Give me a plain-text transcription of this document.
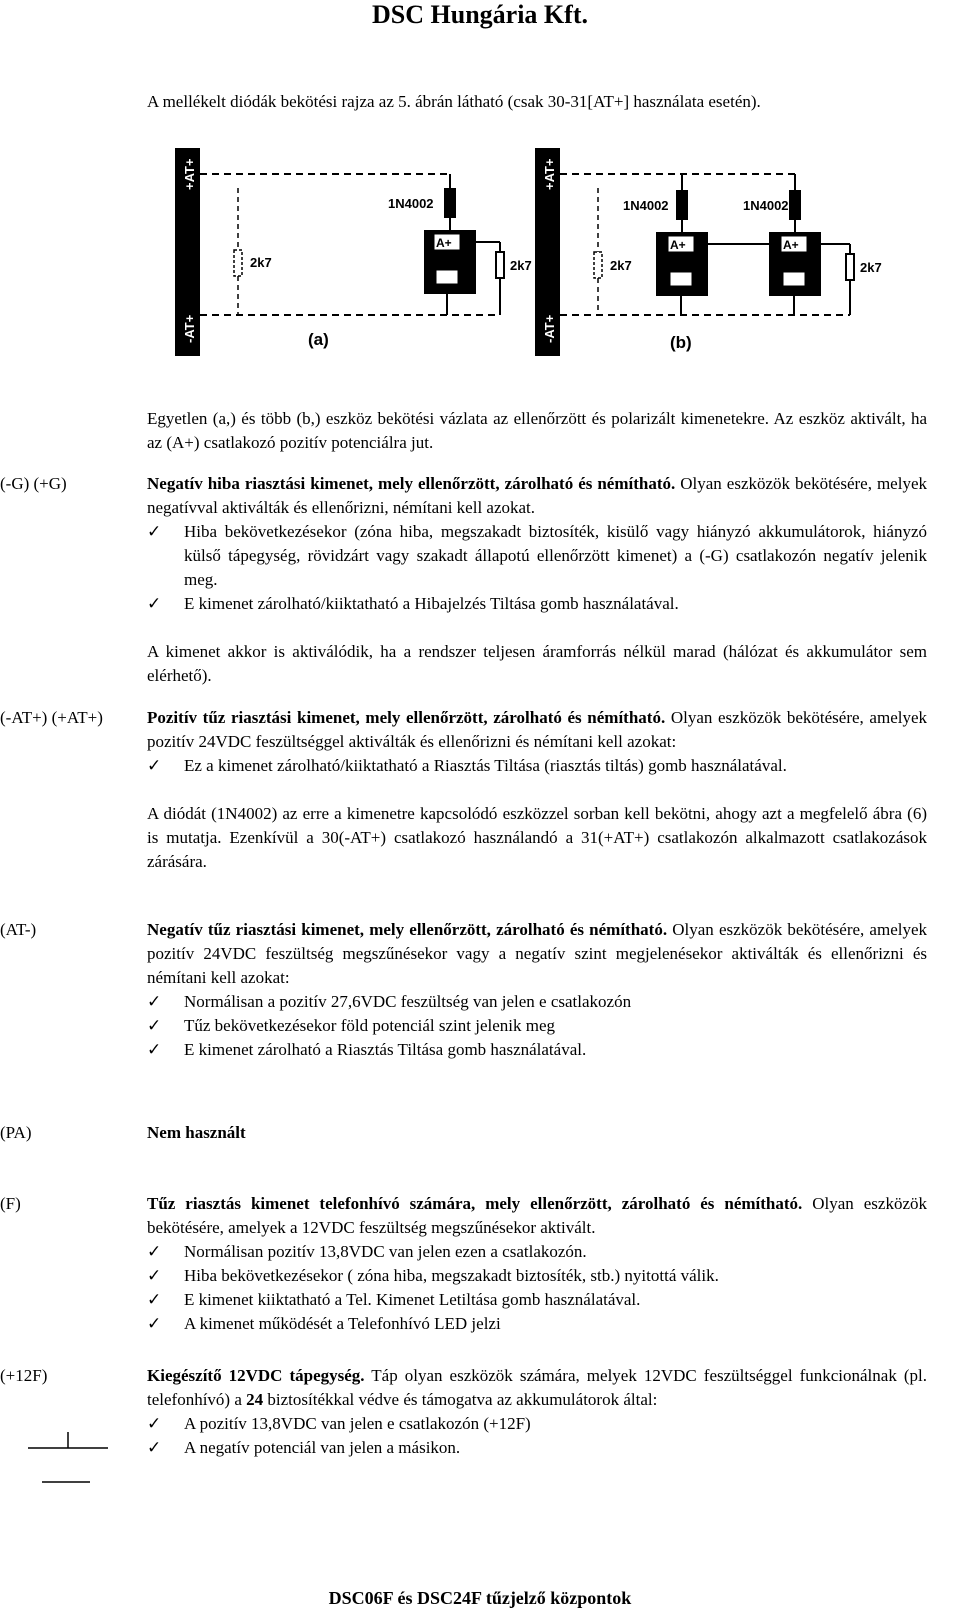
DSC Hungária Kft.
A mellékelt diódák bekötési rajza az 5. ábrán látható (csak 30-31[AT+] használata esetén).
+AT+
-AT+
2k7
1N4002
A+
2k7
(a)
+AT+
-AT+
2k7
1N4002
A+
1N4002
A+
2k7
(b)
Egyetlen (a,) és több (b,) eszköz bekötési vázlata az ellenőrzött és polarizált kimenetekre. Az eszköz aktivált, ha az (A+) csatlakozó pozitív potenciálra jut.
(-G) (+G)	Negatív hiba riasztási kimenet, mely ellenőrzött, zárolható és némítható. Olyan eszközök bekötésére, melyek negatívval aktiválták és ellenőrizni, némítani kell azokat.
✓ Hiba bekövetkezésekor (zóna hiba, megszakadt biztosíték, kisülő vagy hiányzó akkumulátorok, hiányzó külső tápegység, rövidzárt vagy szakadt állapotú ellenőrzött kimenet) a (-G) csatlakozón negatív jelenik meg.
✓ E kimenet zárolható/kiiktatható a Hibajelzés Tiltása gomb használatával.
A kimenet akkor is aktiválódik, ha a rendszer teljesen áramforrás nélkül marad (hálózat és akkumulátor sem elérhető).
(-AT+) (+AT+)	Pozitív tűz riasztási kimenet, mely ellenőrzött, zárolható és némítható. Olyan eszközök bekötésére, amelyek pozitív 24VDC feszültséggel aktiválták és ellenőrizni és némítani kell azokat:
✓ Ez a kimenet zárolható/kiiktatható a Riasztás Tiltása (riasztás tiltás) gomb használatával.
A diódát (1N4002) az erre a kimenetre kapcsolódó eszközzel sorban kell bekötni, ahogy azt a megfelelő ábra (6) is mutatja. Ezenkívül a 30(-AT+) csatlakozó használandó a 31(+AT+) csatlakozón alkalmazott csatlakozások zárására.
(AT-)	Negatív tűz riasztási kimenet, mely ellenőrzött, zárolható és némítható. Olyan eszközök bekötésére, amelyek pozitív 24VDC feszültség megszűnésekor vagy a negatív szint megjelenésekor aktiválták és ellenőrizni és némítani kell azokat:
✓ Normálisan a pozitív 27,6VDC feszültség van jelen e csatlakozón
✓ Tűz bekövetkezésekor föld potenciál szint jelenik meg
✓ E kimenet zárolható a Riasztás Tiltása gomb használatával.
(PA)	Nem használt
(F)	Tűz riasztás kimenet telefonhívó számára, mely ellenőrzött, zárolható és némítható. Olyan eszközök bekötésére, amelyek a 12VDC feszültség megszűnésekor aktivált.
✓ Normálisan pozitív 13,8VDC van jelen ezen a csatlakozón.
✓ Hiba bekövetkezésekor ( zóna hiba, megszakadt biztosíték, stb.) nyitottá válik.
✓ E kimenet kiiktatható a Tel. Kimenet Letiltása gomb használatával.
✓ A kimenet működését a Telefonhívó LED jelzi
(+12F)	Kiegészítő 12VDC tápegység. Táp olyan eszközök számára, melyek 12VDC feszültséggel funkcionálnak (pl. telefonhívó) a 24 biztosítékkal védve és támogatva az akkumulátorok által:
✓ A pozitív 13,8VDC van jelen e csatlakozón (+12F)
✓ A negatív potenciál van jelen a másikon.
DSC06F és DSC24F tűzjelző központok
